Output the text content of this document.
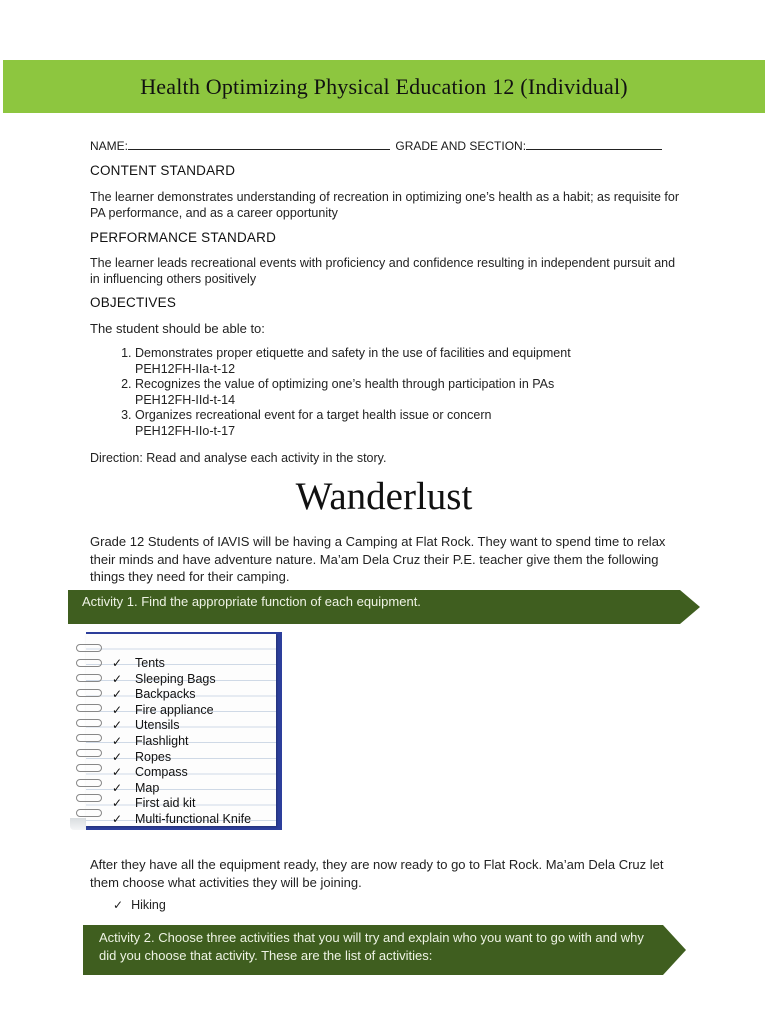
Health Optimizing Physical Education 12 (Individual)
NAME:	GRADE AND SECTION:
CONTENT STANDARD
The learner demonstrates understanding of recreation in optimizing one’s health as a habit; as requisite for PA performance, and as a career opportunity
PERFORMANCE STANDARD
The learner leads recreational events with proficiency and confidence resulting in independent pursuit and in influencing others positively
OBJECTIVES
The student should be able to:
1. Demonstrates proper etiquette and safety in the use of facilities and equipment
PEH12FH-IIa-t-12
2. Recognizes the value of optimizing one’s health through participation in PAs
PEH12FH-IId-t-14
3. Organizes recreational event for a target health issue or concern
PEH12FH-IIo-t-17
Direction: Read and analyse each activity in the story.
Wanderlust
Grade 12 Students of IAVIS will be having a Camping at Flat Rock. They want to spend time to relax their minds and have adventure nature. Ma’am Dela Cruz their P.E. teacher give them the following things they need for their camping.
Activity 1. Find the appropriate function of each equipment.
✓ Tents
✓ Sleeping Bags
✓ Backpacks
✓ Fire appliance
✓ Utensils
✓ Flashlight
✓ Ropes
✓ Compass
✓ Map
✓ First aid kit
✓ Multi-functional Knife
After they have all the equipment ready, they are now ready to go to Flat Rock. Ma’am Dela Cruz let them choose what activities they will be joining.
✓ Hiking
Activity 2. Choose three activities that you will try and explain who you want to go with and why did you choose that activity. These are the list of activities:
